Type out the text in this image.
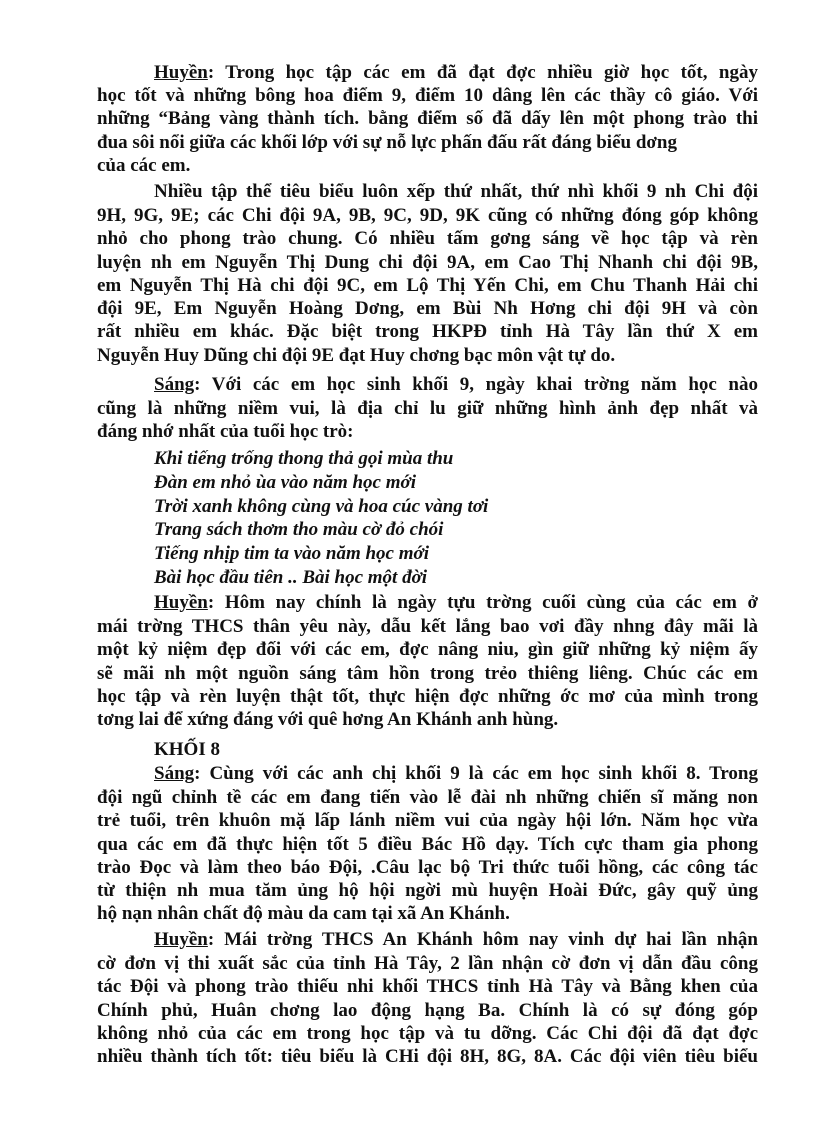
Huyền: Trong học tập các em đã đạt đợc nhiều giờ học tốt, ngày
học tốt và những bông hoa điểm 9, điểm 10 dâng lên các thầy cô giáo. Với
những “Bảng vàng thành tích. bằng điểm số đã dấy lên một phong trào thi
đua sôi nổi giữa các khối lớp với sự nỗ lực phấn đấu rất đáng biểu dơng
của các em.
Nhiều tập thể tiêu biểu luôn xếp thứ nhất, thứ nhì khối 9 nh Chi đội
9H, 9G, 9E; các Chi đội 9A, 9B, 9C, 9D, 9K cũng có những đóng góp không
nhỏ cho phong trào chung. Có nhiều tấm gơng sáng về học tập và rèn
luyện nh em Nguyễn Thị Dung chi đội 9A, em Cao Thị Nhanh chi đội 9B,
em Nguyễn Thị Hà chi đội 9C, em Lộ Thị Yến Chi, em Chu Thanh Hải chi
đội 9E, Em Nguyễn Hoàng Dơng, em Bùi Nh Hơng chi đội 9H và còn
rất nhiều em khác. Đặc biệt trong HKPĐ tỉnh Hà Tây lần thứ X em
Nguyễn Huy Dũng chi đội 9E đạt Huy chơng bạc môn vật tự do.
Sáng: Với các em học sinh khối 9, ngày khai trờng năm học nào
cũng là những niềm vui, là địa chỉ lu giữ những hình ảnh đẹp nhất và
đáng nhớ nhất của tuổi học trò:
Khi tiếng trống thong thả gọi mùa thu
Đàn em nhỏ ùa vào năm học mới
Trời xanh không cùng và hoa cúc vàng tơi
Trang sách thơm tho màu cờ đỏ chói
Tiếng nhịp tim ta vào năm học mới
Bài học đầu tiên .. Bài học một đời
Huyền: Hôm nay chính là ngày tựu trờng cuối cùng của các em ở
mái trờng THCS thân yêu này, dẫu kết lắng bao vơi đầy nhng đây mãi là
một kỷ niệm đẹp đối với các em, đợc nâng niu, gìn giữ những kỷ niệm ấy
sẽ mãi nh một nguồn sáng tâm hồn trong trẻo thiêng liêng. Chúc các em
học tập và rèn luyện thật tốt, thực hiện đợc những ớc mơ của mình trong
tơng lai để xứng đáng với quê hơng An Khánh anh hùng.
KHỐI 8
Sáng: Cùng với các anh chị khối 9 là các em học sinh khối 8. Trong
đội ngũ chỉnh tề các em đang tiến vào lễ đài nh những chiến sĩ măng non
trẻ tuổi, trên khuôn mặ lấp lánh niềm vui của ngày hội lớn. Năm học vừa
qua các em đã thực hiện tốt 5 điều Bác Hồ dạy. Tích cực tham gia phong
trào Đọc và làm theo báo Đội, .Câu lạc bộ Tri thức tuổi hồng, các công tác
từ thiện nh mua tăm ủng hộ hội ngời mù huyện Hoài Đức, gây quỹ ủng
hộ nạn nhân chất độ màu da cam tại xã An Khánh.
Huyền: Mái trờng THCS An Khánh hôm nay vinh dự hai lần nhận
cờ đơn vị thi xuất sắc của tỉnh Hà Tây, 2 lần nhận cờ đơn vị dẫn đầu công
tác Đội và phong trào thiếu nhi khối THCS tỉnh Hà Tây và Bằng khen của
Chính phủ, Huân chơng lao động hạng Ba. Chính là có sự đóng góp
không nhỏ của các em trong học tập và tu dỡng. Các Chi đội đã đạt đợc
nhiều thành tích tốt: tiêu biểu là CHi đội 8H, 8G, 8A. Các đội viên tiêu biểu
